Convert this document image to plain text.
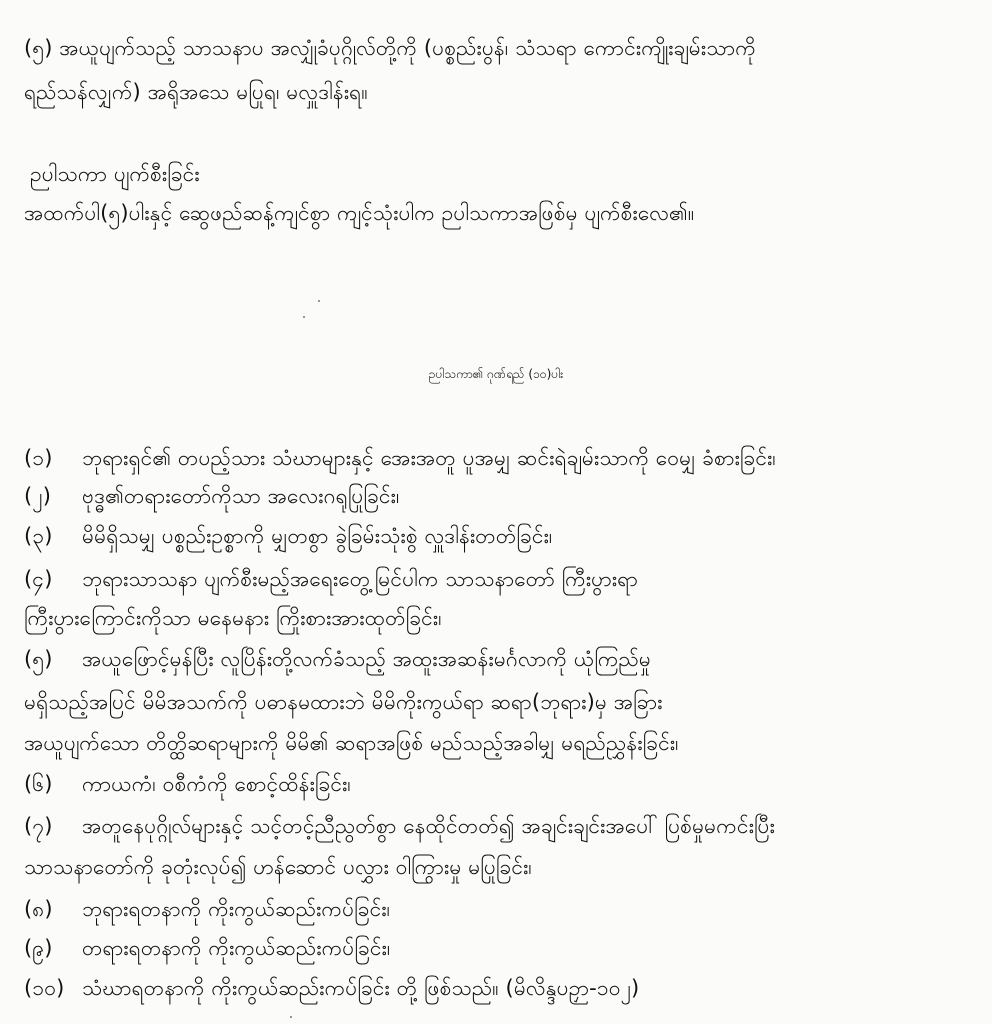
(၅) အယူပျက်သည့် သာသနာပ အလျှုံခံပုဂ္ဂိုလ်တို့ကို (ပစ္စည်းပွန်၊ သံသရာ ကောင်းကျိုးချမ်းသာကို
ရည်သန်လျှက်) အရိုအသေ မပြုရ၊ မလှူဒါန်းရ။
ဉပါသကာ ပျက်စီးခြင်း
အထက်ပါ(၅)ပါးနှင့် ဆွေဖည်ဆန့်ကျင်စွာ ကျင့်သုံးပါက ဉပါသကာအဖြစ်မှ ပျက်စီးလေ၏။
ဉပါသကာ၏ ဂုဏ်ရည် (၁၀)ပါး
(၁) ဘုရားရှင်၏ တပည့်သား သံဃာများနှင့် အေးအတူ ပူအမျှ ဆင်းရဲချမ်းသာကို ဝေမျှ ခံစားခြင်း၊
(၂) ဗုဒ္ဓ၏တရားတော်ကိုသာ အလေးဂရုပြုခြင်း၊
(၃) မိမိရှိသမျှ ပစ္စည်းဥစ္စာကို မျှတစွာ ခွဲခြမ်းသုံးစွဲ လှူဒါန်းတတ်ခြင်း၊
(၄) ဘုရားသာသနာ ပျက်စီးမည့်အရေးတွေ့မြင်ပါက သာသနာတော် ကြီးပွားရာ
ကြီးပွားကြောင်းကိုသာ မနေမနား ကြိုးစားအားထုတ်ခြင်း၊
(၅) အယူဖြောင့်မှန်ပြီး လူပြိန်းတို့လက်ခံသည့် အထူးအဆန်းမင်္ဂလာကို ယုံကြည်မှု
မရှိသည့်အပြင် မိမိအသက်ကို ပဓာနမထားဘဲ မိမိကိုးကွယ်ရာ ဆရာ(ဘုရား)မှ အခြား
အယူပျက်သော တိတ္ထိဆရာများကို မိမိ၏ ဆရာအဖြစ် မည်သည့်အခါမျှ မရည်ညွှန်းခြင်း၊
(၆) ကာယကံ၊ ဝစီကံကို စောင့်ထိန်းခြင်း၊
(၇) အတူနေပုဂ္ဂိုလ်များနှင့် သင့်တင့်ညီညွတ်စွာ နေထိုင်တတ်၍ အချင်းချင်းအပေါ် ပြစ်မှုမကင်းပြီး
သာသနာတော်ကို ခုတုံးလုပ်၍ ဟန်ဆောင် ပလွှား ဝါကြွားမှု မပြုခြင်း၊
(၈) ဘုရားရတနာကို ကိုးကွယ်ဆည်းကပ်ခြင်း၊
(၉) တရားရတနာကို ကိုးကွယ်ဆည်းကပ်ခြင်း၊
(၁၀) သံဃာရတနာကို ကိုးကွယ်ဆည်းကပ်ခြင်း တို့ ဖြစ်သည်။ (မိလိန္ဒပဉှာ-၁၀၂)
